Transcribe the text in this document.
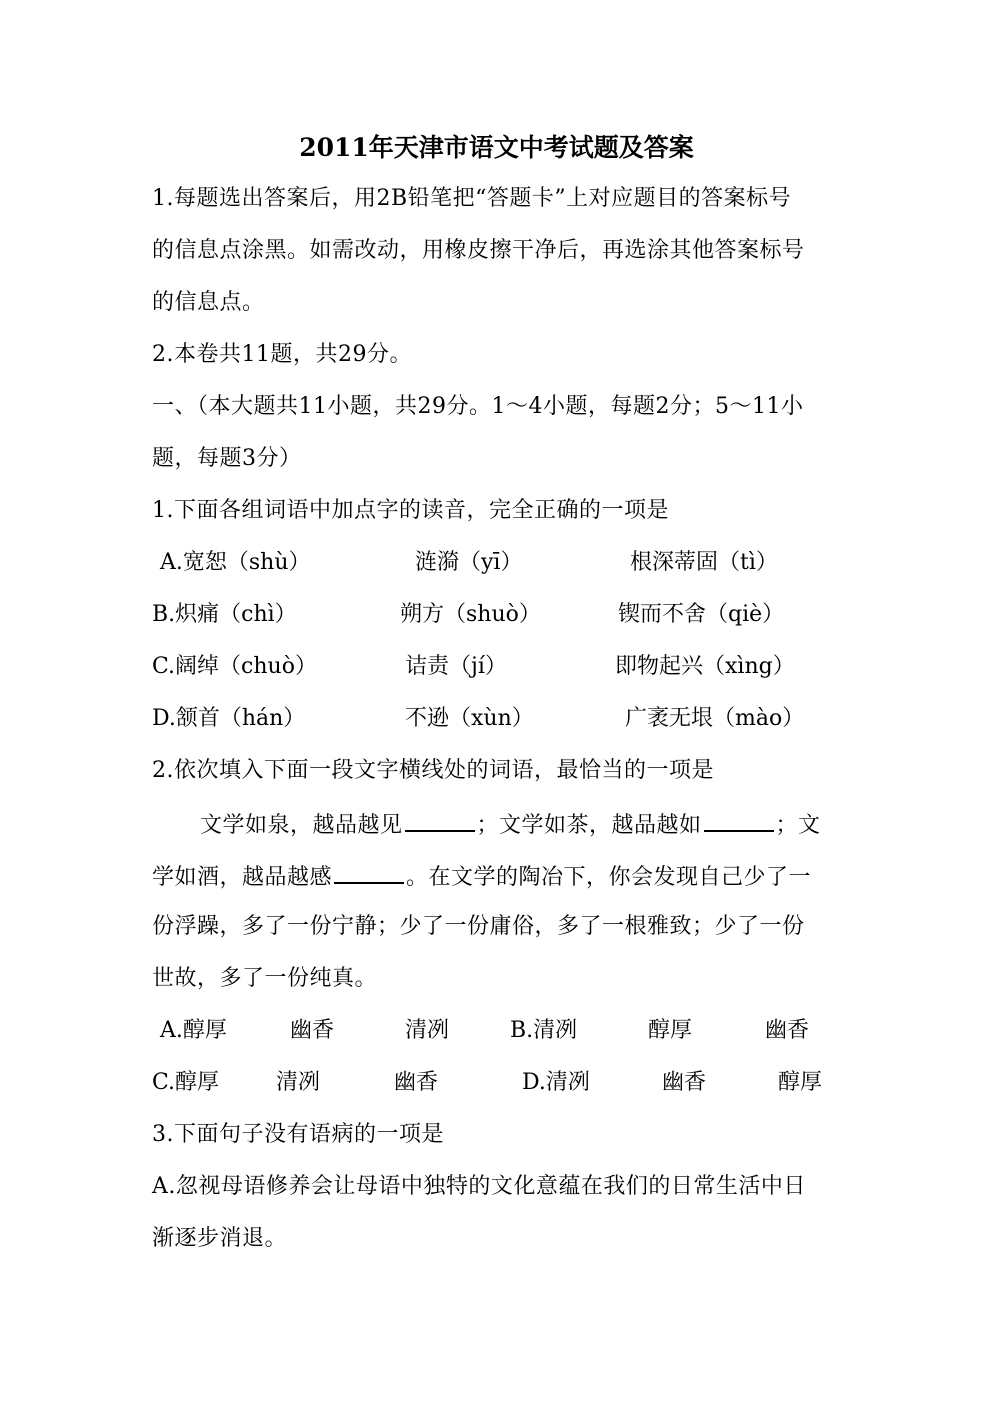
2011年天津市语文中考试题及答案
1.每题选出答案后，用2B铅笔把“答题卡”上对应题目的答案标号
的信息点涂黑。如需改动，用橡皮擦干净后，再选涂其他答案标号
的信息点。
2.本卷共11题，共29分。
一、（本大题共11小题，共29分。1～4小题，每题2分；5～11小
题，每题3分）
1.下面各组词语中加点字的读音，完全正确的一项是
A.宽恕（shù）	涟漪（yī）	根深蒂固（tì）
B.炽痛（chì）	朔方（shuò）	锲而不舍（qiè）
C.阔绰（chuò）	诘责（jí）	即物起兴（xìng）
D.颔首（hán）	不逊（xùn）	广袤无垠（mào）
2.依次填入下面一段文字横线处的词语，最恰当的一项是
文学如泉，越品越见	；文学如茶，越品越如	；文
学如酒，越品越感	。在文学的陶冶下，你会发现自己少了一
份浮躁，多了一份宁静；少了一份庸俗，多了一根雅致；少了一份
世故，多了一份纯真。
A.醇厚	幽香	清冽	B.清冽	醇厚	幽香
C.醇厚	清冽	幽香	D.清冽	幽香	醇厚
3.下面句子没有语病的一项是
A.忽视母语修养会让母语中独特的文化意蕴在我们的日常生活中日
渐逐步消退。
